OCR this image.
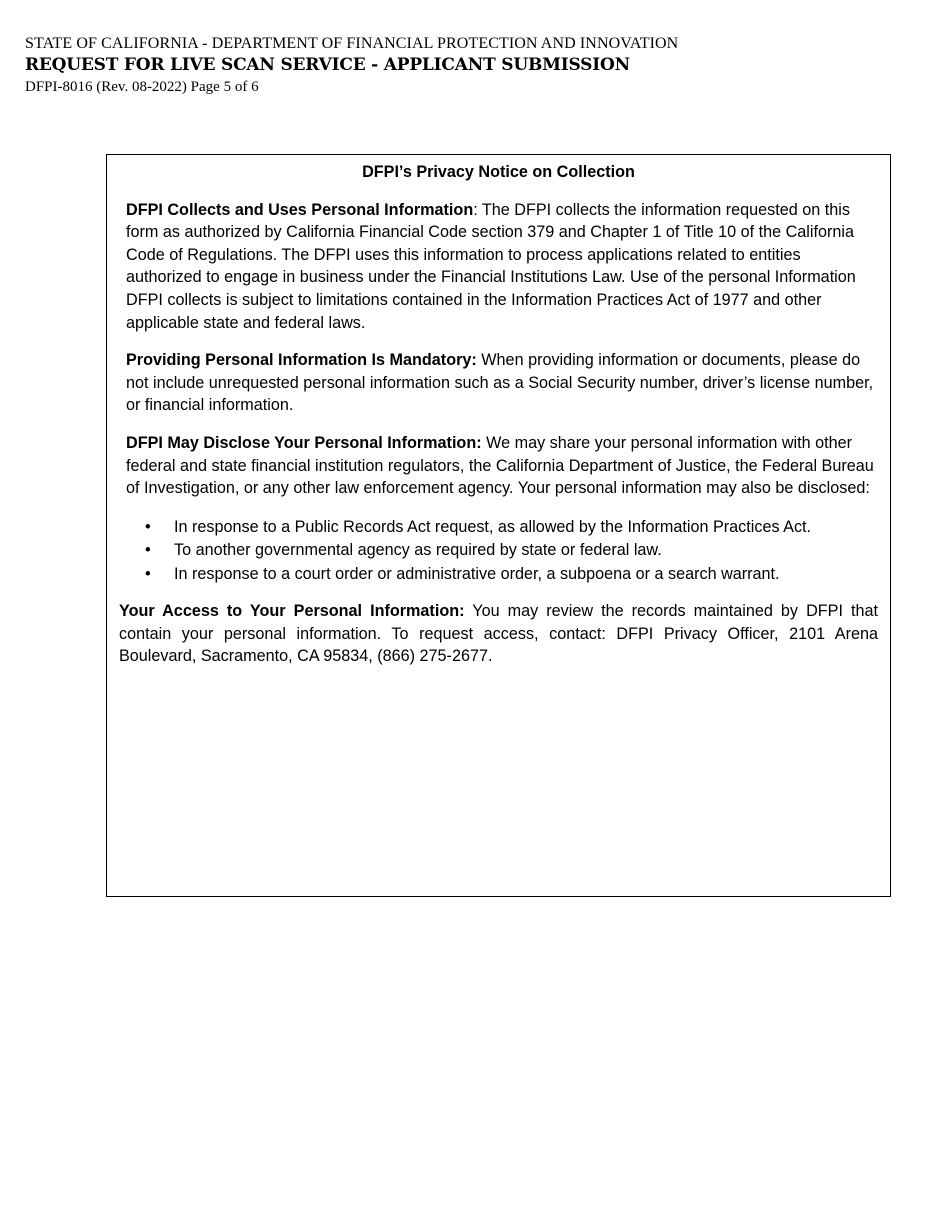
STATE OF CALIFORNIA - DEPARTMENT OF FINANCIAL PROTECTION AND INNOVATION

REQUEST FOR LIVE SCAN SERVICE - APPLICANT SUBMISSION

DFPI-8016 (Rev. 08-2022) Page 5 of 6

DFPI’s Privacy Notice on Collection

DFPI Collects and Uses Personal Information: The DFPI collects the information requested on this form as authorized by California Financial Code section 379 and Chapter 1 of Title 10 of the California Code of Regulations. The DFPI uses this information to process applications related to entities authorized to engage in business under the Financial Institutions Law. Use of the personal Information DFPI collects is subject to limitations contained in the Information Practices Act of 1977 and other applicable state and federal laws.

Providing Personal Information Is Mandatory: When providing information or documents, please do not include unrequested personal information such as a Social Security number, driver’s license number, or financial information.

DFPI May Disclose Your Personal Information: We may share your personal information with other federal and state financial institution regulators, the California Department of Justice, the Federal Bureau of Investigation, or any other law enforcement agency. Your personal information may also be disclosed:

• In response to a Public Records Act request, as allowed by the Information Practices Act.
• To another governmental agency as required by state or federal law.
• In response to a court order or administrative order, a subpoena or a search warrant.

Your Access to Your Personal Information: You may review the records maintained by DFPI that contain your personal information. To request access, contact: DFPI Privacy Officer, 2101 Arena Boulevard, Sacramento, CA 95834, (866) 275-2677.
